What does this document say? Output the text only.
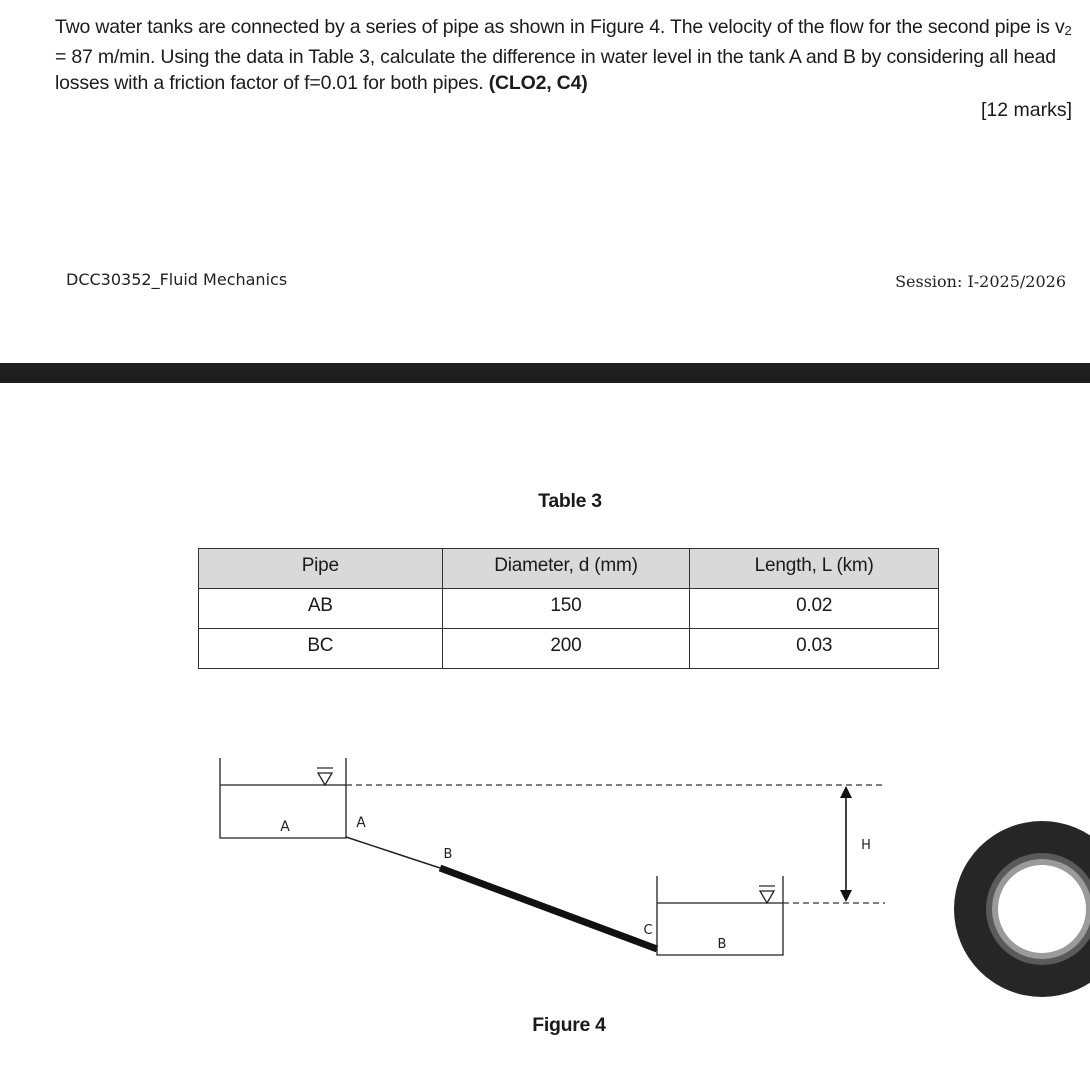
Two water tanks are connected by a series of pipe as shown in Figure 4. The velocity of the flow for the second pipe is $v_2 = 87$ m/min. Using the data in Table 3, calculate the difference in water level in the tank A and B by considering all head losses with a friction factor of f=0.01 for both pipes. (CLO2, C4)
[12 marks]
DCC30352_Fluid Mechanics	Session: I-2025/2026
Table 3
Pipe	Diameter, d (mm)	Length, L (km)
AB	150	0.02
BC	200	0.03
A	A
B
C
B
H
Figure 4
